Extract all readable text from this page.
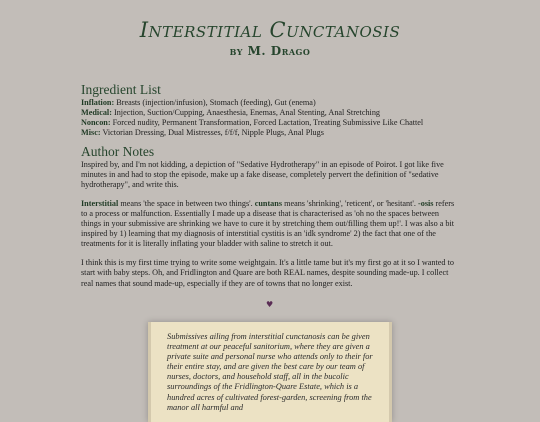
Interstitial Cunctanosis
by M. Drago
Ingredient List
Inflation: Breasts (injection/infusion), Stomach (feeding), Gut (enema)
Medical: Injection, Suction/Cupping, Anaesthesia, Enemas, Anal Stenting, Anal Stretching
Noncon: Forced nudity, Permanent Transformation, Forced Lactation, Treating Submissive Like Chattel
Misc: Victorian Dressing, Dual Mistresses, f/f/f, Nipple Plugs, Anal Plugs
Author Notes

Inspired by, and I'm not kidding, a depiction of "Sedative Hydrotherapy" in an episode of Poirot. I got like five minutes in and had to stop the episode, make up a fake disease, completely pervert the definition of "sedative hydrotherapy", and write this.

Interstitial means 'the space in between two things'. cuntans means 'shrinking', 'reticent', or 'hesitant'. -osis refers to a process or malfunction. Essentially I made up a disease that is characterised as 'oh no the spaces between things in your submissive are shrinking we have to cure it by stretching them out/filling them up!'. I was also a bit inspired by 1) learning that my diagnosis of interstitial cystitis is an 'idk syndrome' 2) the fact that one of the treatments for it is literally inflating your bladder with saline to stretch it out.

I think this is my first time trying to write some weightgain. It's a little tame but it's my first go at it so I wanted to start with baby steps. Oh, and Fridlington and Quare are both REAL names, despite sounding made-up. I collect real names that sound made-up, especially if they are of towns that no longer exist.

♥

Submissives ailing from interstitial cunctanosis can be given treatment at our peaceful sanitorium, where they are given a private suite and personal nurse who attends only to their for their entire stay, and are given the best care by our team of nurses, doctors, and household staff, all in the bucolic surroundings of the Fridlington-Quare Estate, which is a hundred acres of cultivated forest-garden, screening from the manor all harmful and
